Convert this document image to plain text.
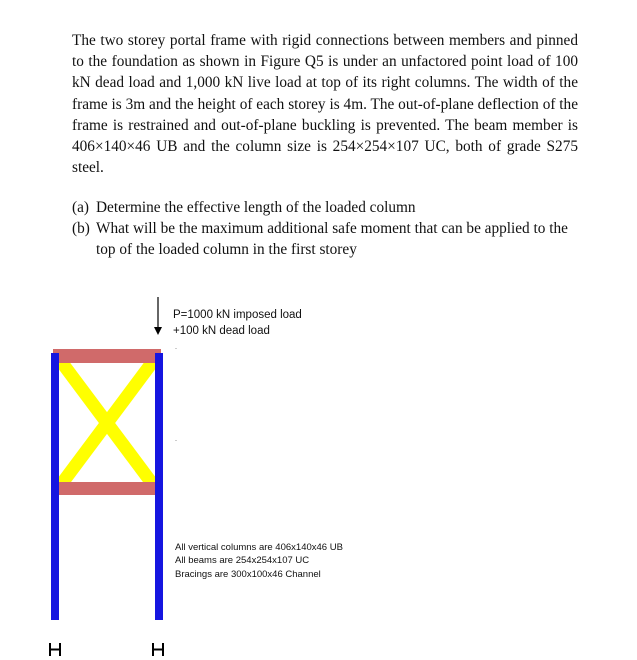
The two storey portal frame with rigid connections between members and pinned to the foundation as shown in Figure Q5 is under an unfactored point load of 100 kN dead load and 1,000 kN live load at top of its right columns. The width of the frame is 3m and the height of each storey is 4m. The out-of-plane deflection of the frame is restrained and out-of-plane buckling is prevented. The beam member is 406×140×46 UB and the column size is 254×254×107 UC, both of grade S275 steel.

(a) Determine the effective length of the loaded column
(b) What will be the maximum additional safe moment that can be applied to the top of the loaded column in the first storey
P=1000 kN imposed load
+100 kN dead load
All vertical columns are 406x140x46 UB
All beams are 254x254x107 UC
Bracings are 300x100x46 Channel
